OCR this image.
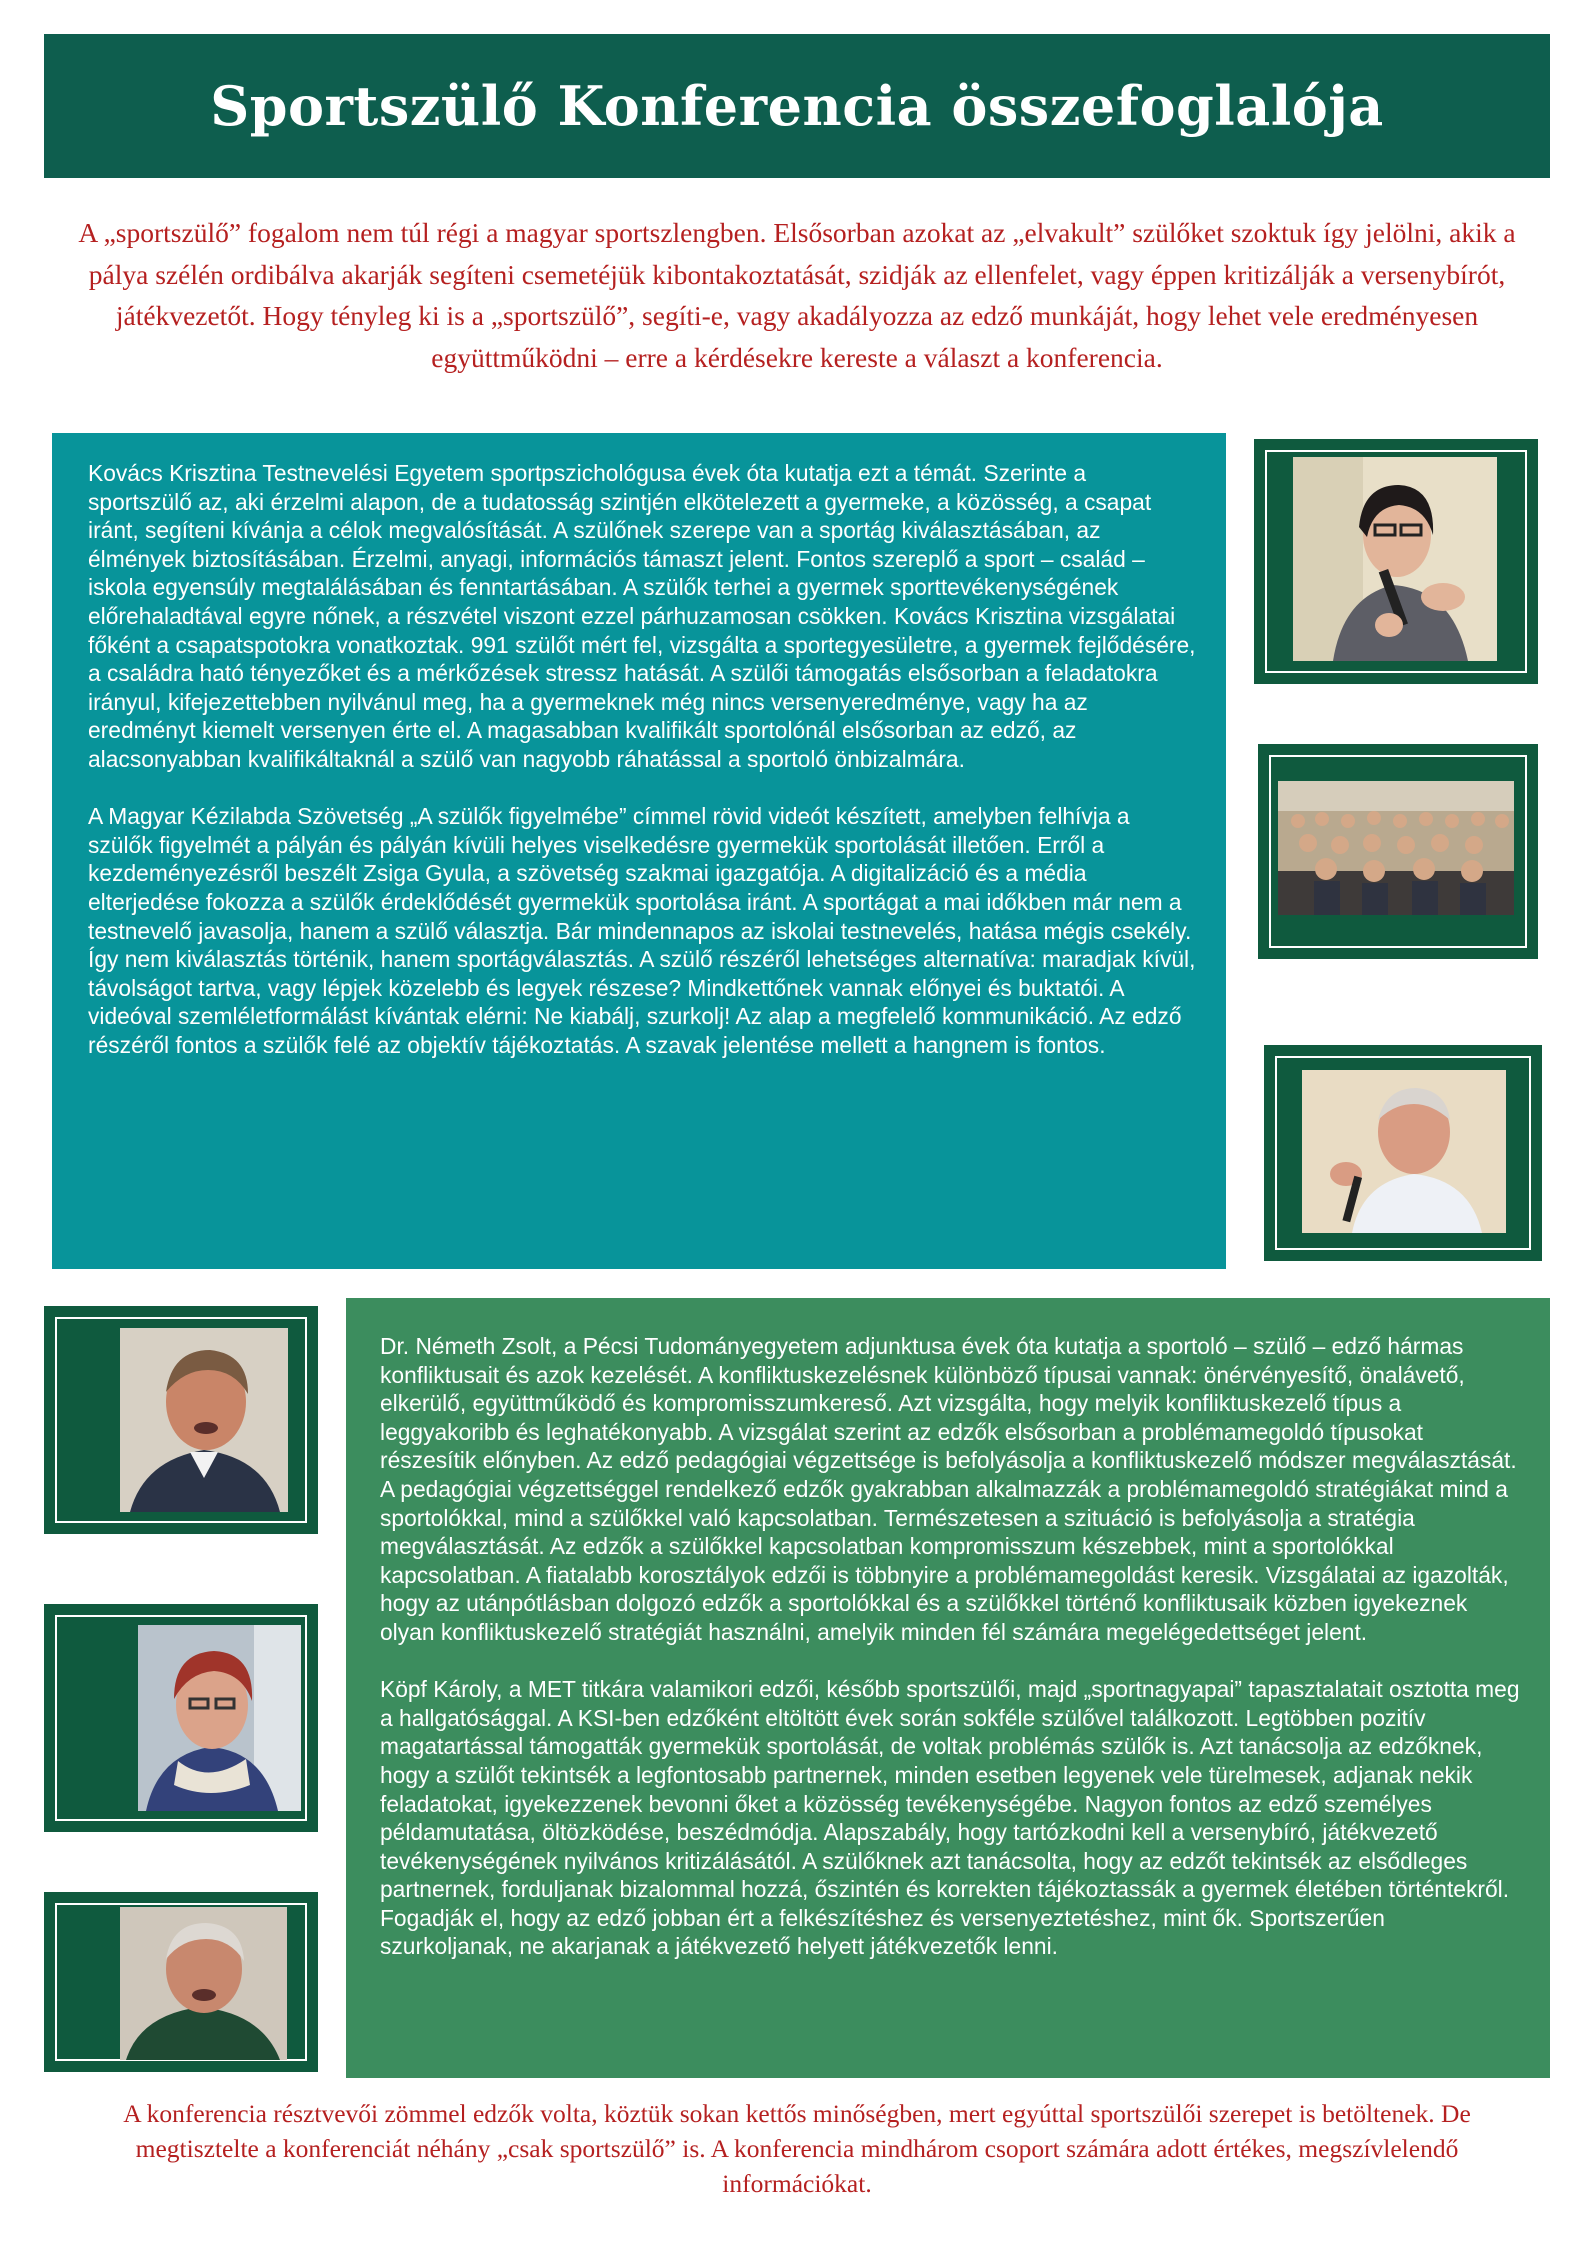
Sportszülő Konferencia összefoglalója

A „sportszülő” fogalom nem túl régi a magyar sportszlengben. Elsősorban azokat az „elvakult” szülőket szoktuk így jelölni, akik a pálya szélén ordibálva akarják segíteni csemetéjük kibontakoztatását, szidják az ellenfelet, vagy éppen kritizálják a versenybírót, játékvezetőt. Hogy tényleg ki is a „sportszülő”, segíti-e, vagy akadályozza az edző munkáját, hogy lehet vele eredményesen együttműködni – erre a kérdésekre kereste a választ a konferencia.

Kovács Krisztina Testnevelési Egyetem sportpszichológusa évek óta kutatja ezt a témát. Szerinte a sportszülő az, aki érzelmi alapon, de a tudatosság szintjén elkötelezett a gyermeke, a közösség, a csapat iránt, segíteni kívánja a célok megvalósítását. A szülőnek szerepe van a sportág kiválasztásában, az élmények biztosításában. Érzelmi, anyagi, információs támaszt jelent. Fontos szereplő a sport – család – iskola egyensúly megtalálásában és fenntartásában. A szülők terhei a gyermek sporttevékenységének előrehaladtával egyre nőnek, a részvétel viszont ezzel párhuzamosan csökken. Kovács Krisztina vizsgálatai főként a csapatspotokra vonatkoztak. 991 szülőt mért fel, vizsgálta a sportegyesületre, a gyermek fejlődésére, a családra ható tényezőket és a mérkőzések stressz hatását. A szülői támogatás elsősorban a feladatokra irányul, kifejezettebben nyilvánul meg, ha a gyermeknek még nincs versenyeredménye, vagy ha az eredményt kiemelt versenyen érte el. A magasabban kvalifikált sportolónál elsősorban az edző, az alacsonyabban kvalifikáltaknál a szülő van nagyobb ráhatással a sportoló önbizalmára.

A Magyar Kézilabda Szövetség „A szülők figyelmébe” címmel rövid videót készített, amelyben felhívja a szülők figyelmét a pályán és pályán kívüli helyes viselkedésre gyermekük sportolását illetően. Erről a kezdeményezésről beszélt Zsiga Gyula, a szövetség szakmai igazgatója. A digitalizáció és a média elterjedése fokozza a szülők érdeklődését gyermekük sportolása iránt. A sportágat a mai időkben már nem a testnevelő javasolja, hanem a szülő választja. Bár mindennapos az iskolai testnevelés, hatása mégis csekély. Így nem kiválasztás történik, hanem sportágválasztás. A szülő részéről lehetséges alternatíva: maradjak kívül, távolságot tartva, vagy lépjek közelebb és legyek részese? Mindkettőnek vannak előnyei és buktatói. A videóval szemléletformálást kívántak elérni: Ne kiabálj, szurkolj! Az alap a megfelelő kommunikáció. Az edző részéről fontos a szülők felé az objektív tájékoztatás. A szavak jelentése mellett a hangnem is fontos.

Dr. Németh Zsolt, a Pécsi Tudományegyetem adjunktusa évek óta kutatja a sportoló – szülő – edző hármas konfliktusait és azok kezelését. A konfliktuskezelésnek különböző típusai vannak: önérvényesítő, önalávető, elkerülő, együttműködő és kompromisszumkereső. Azt vizsgálta, hogy melyik konfliktuskezelő típus a leggyakoribb és leghatékonyabb. A vizsgálat szerint az edzők elsősorban a problémamegoldó típusokat részesítik előnyben. Az edző pedagógiai végzettsége is befolyásolja a konfliktuskezelő módszer megválasztását. A pedagógiai végzettséggel rendelkező edzők gyakrabban alkalmazzák a problémamegoldó stratégiákat mind a sportolókkal, mind a szülőkkel való kapcsolatban. Természetesen a szituáció is befolyásolja a stratégia megválasztását. Az edzők a szülőkkel kapcsolatban kompromisszum készebbek, mint a sportolókkal kapcsolatban. A fiatalabb korosztályok edzői is többnyire a problémamegoldást keresik. Vizsgálatai az igazolták, hogy az utánpótlásban dolgozó edzők a sportolókkal és a szülőkkel történő konfliktusaik közben igyekeznek olyan konfliktuskezelő stratégiát használni, amelyik minden fél számára megelégedettséget jelent.

Köpf Károly, a MET titkára valamikori edzői, később sportszülői, majd „sportnagyapai” tapasztalatait osztotta meg a hallgatósággal. A KSI-ben edzőként eltöltött évek során sokféle szülővel találkozott. Legtöbben pozitív magatartással támogatták gyermekük sportolását, de voltak problémás szülők is. Azt tanácsolja az edzőknek, hogy a szülőt tekintsék a legfontosabb partnernek, minden esetben legyenek vele türelmesek, adjanak nekik feladatokat, igyekezzenek bevonni őket a közösség tevékenységébe. Nagyon fontos az edző személyes példamutatása, öltözködése, beszédmódja. Alapszabály, hogy tartózkodni kell a versenybíró, játékvezető tevékenységének nyilvános kritizálásától. A szülőknek azt tanácsolta, hogy az edzőt tekintsék az elsődleges partnernek, forduljanak bizalommal hozzá, őszintén és korrekten tájékoztassák a gyermek életében történtekről. Fogadják el, hogy az edző jobban ért a felkészítéshez és versenyeztetéshez, mint ők. Sportszerűen szurkoljanak, ne akarjanak a játékvezető helyett játékvezetők lenni.

A konferencia résztvevői zömmel edzők volta, köztük sokan kettős minőségben, mert egyúttal sportszülői szerepet is betöltenek. De megtisztelte a konferenciát néhány „csak sportszülő” is. A konferencia mindhárom csoport számára adott értékes, megszívlelendő információkat.
